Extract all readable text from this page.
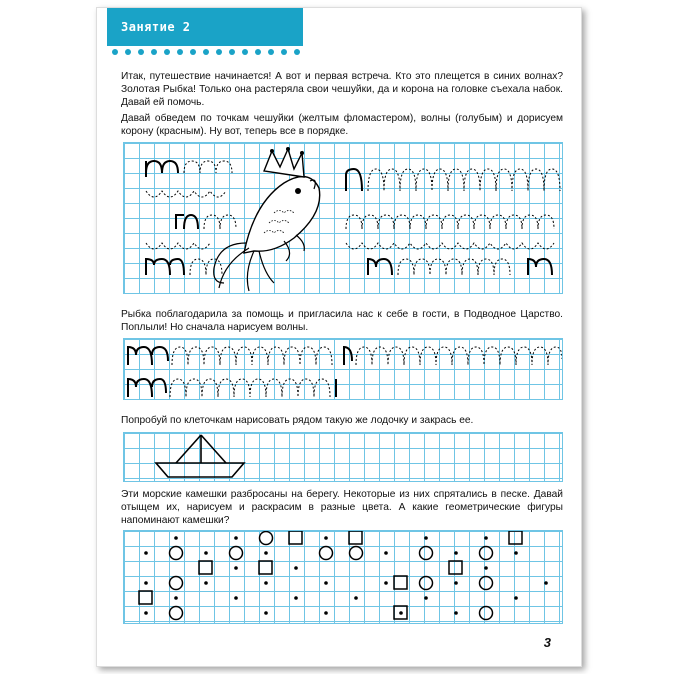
Занятие 2
Итак, путешествие начинается! А вот и первая встреча. Кто это плещется в синих волнах? Золотая Рыбка! Только она растеряла свои чешуйки, да и корона на головке съехала набок. Давай ей помочь.
Давай обведем по точкам чешуйки (желтым фломастером), волны (голубым) и дорисуем корону (красным). Ну вот, теперь все в порядке.
Рыбка поблагодарила за помощь и пригласила нас к себе в гости, в Подводное Царство. Поплыли! Но сначала нарисуем волны.
Попробуй по клеточкам нарисовать рядом такую же лодочку и закрась ее.
Эти морские камешки разбросаны на берегу. Некоторые из них спрятались в песке. Давай отыщем их, нарисуем и раскрасим в разные цвета. А какие геометрические фигуры напоминают камешки?
3
